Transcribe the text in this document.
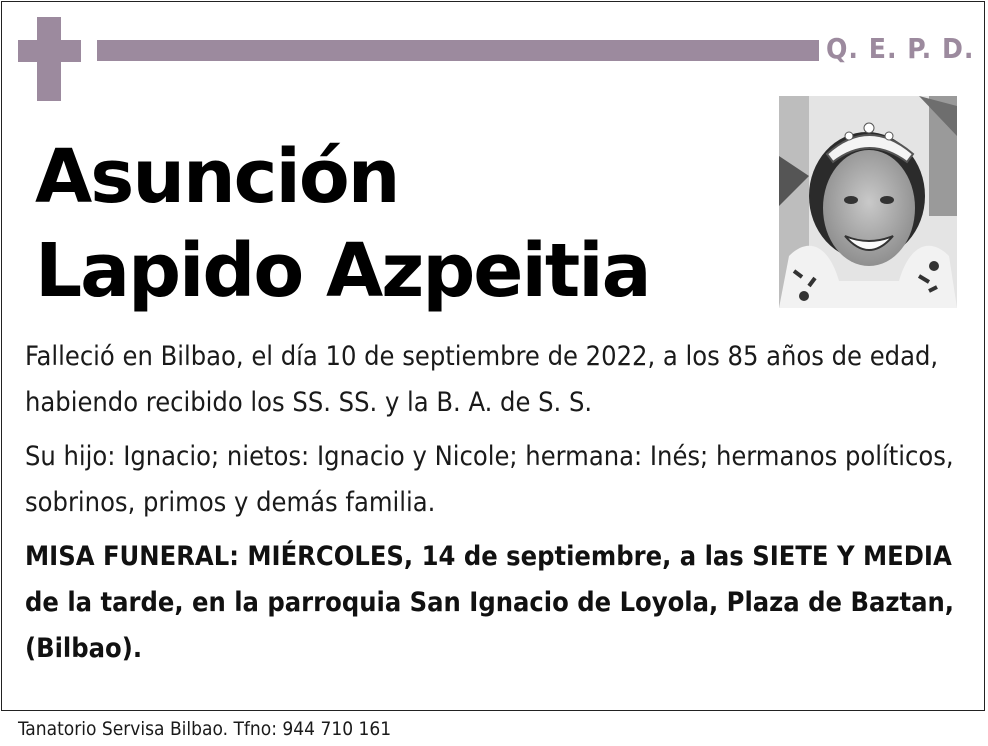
Q. E. P. D.
Asunción
Lapido Azpeitia

Falleció en Bilbao, el día 10 de septiembre de 2022, a los 85 años de edad, habiendo recibido los SS. SS. y la B. A. de S. S.

Su hijo: Ignacio; nietos: Ignacio y Nicole; hermana: Inés; hermanos políticos, sobrinos, primos y demás familia.

MISA FUNERAL: MIÉRCOLES, 14 de septiembre, a las SIETE Y MEDIA de la tarde, en la parroquia San Ignacio de Loyola, Plaza de Baztan, (Bilbao).

Tanatorio Servisa Bilbao. Tfno: 944 710 161
